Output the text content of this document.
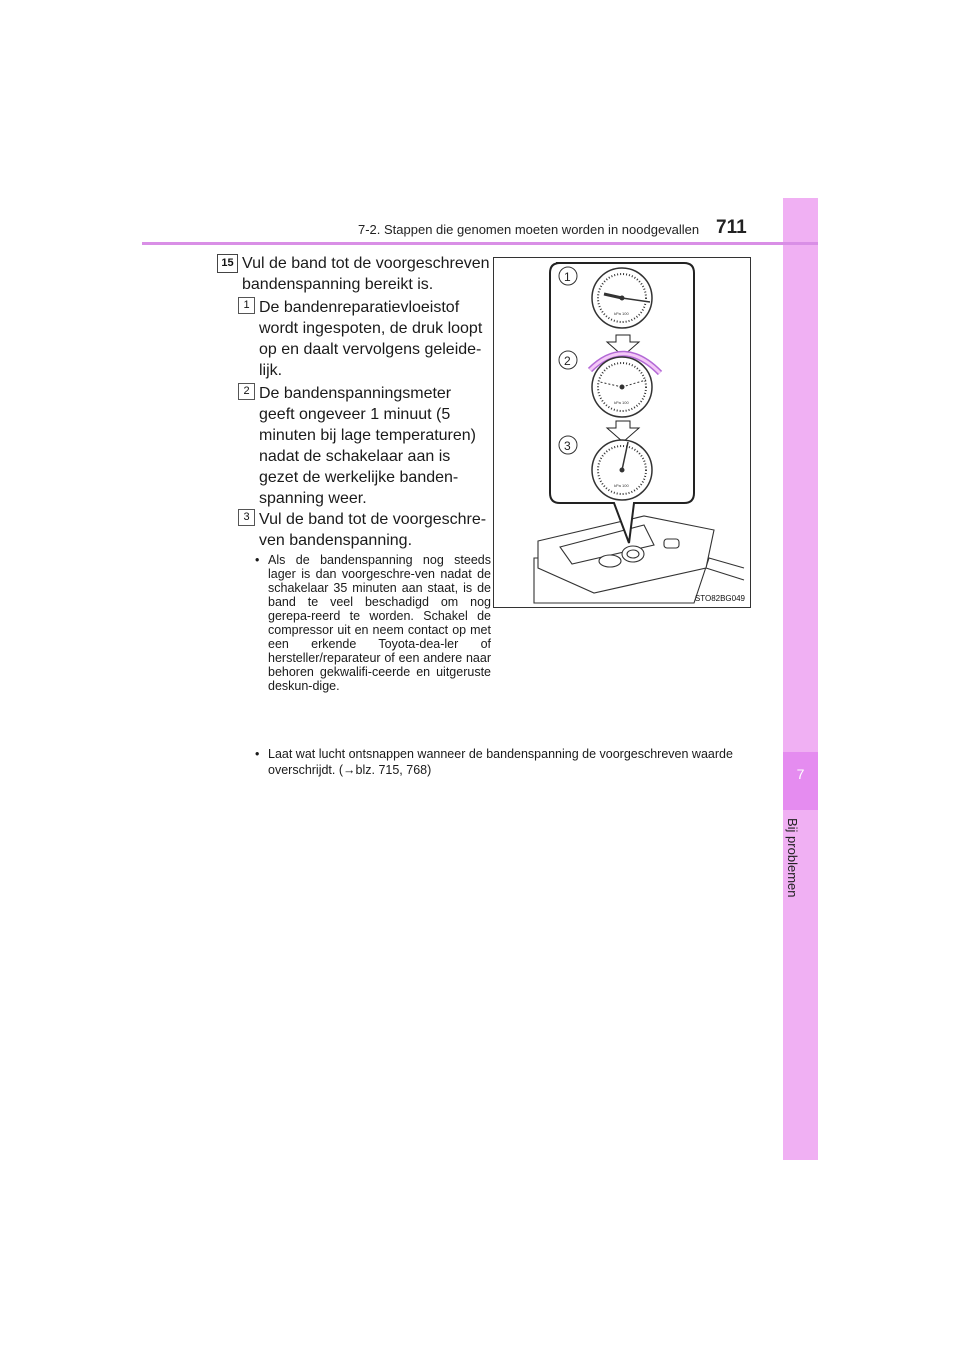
7
Bij problemen
7-2. Stappen die genomen moeten worden in noodgevallen 711
15 Vul de band tot de voorgeschreven bandenspanning bereikt is.
1 De bandenreparatievloeistof wordt ingespoten, de druk loopt op en daalt vervolgens geleide-lijk.
2 De bandenspanningsmeter geeft ongeveer 1 minuut (5 minuten bij lage temperaturen) nadat de schakelaar aan is gezet de werkelijke banden-spanning weer.
3 Vul de band tot de voorgeschre-ven bandenspanning.
• Als de bandenspanning nog steeds lager is dan voorgeschre-ven nadat de schakelaar 35 minuten aan staat, is de band te veel beschadigd om nog gerepa-reerd te worden. Schakel de compressor uit en neem contact op met een erkende Toyota-dea-ler of hersteller/reparateur of een andere naar behoren gekwalifi-ceerde en uitgeruste deskun-dige.
• Laat wat lucht ontsnappen wanneer de bandenspanning de voorgeschreven waarde overschrijdt. (→blz. 715, 768)
kPa 100
kPa 100
kPa 100
1
2
3
STO82BG049
